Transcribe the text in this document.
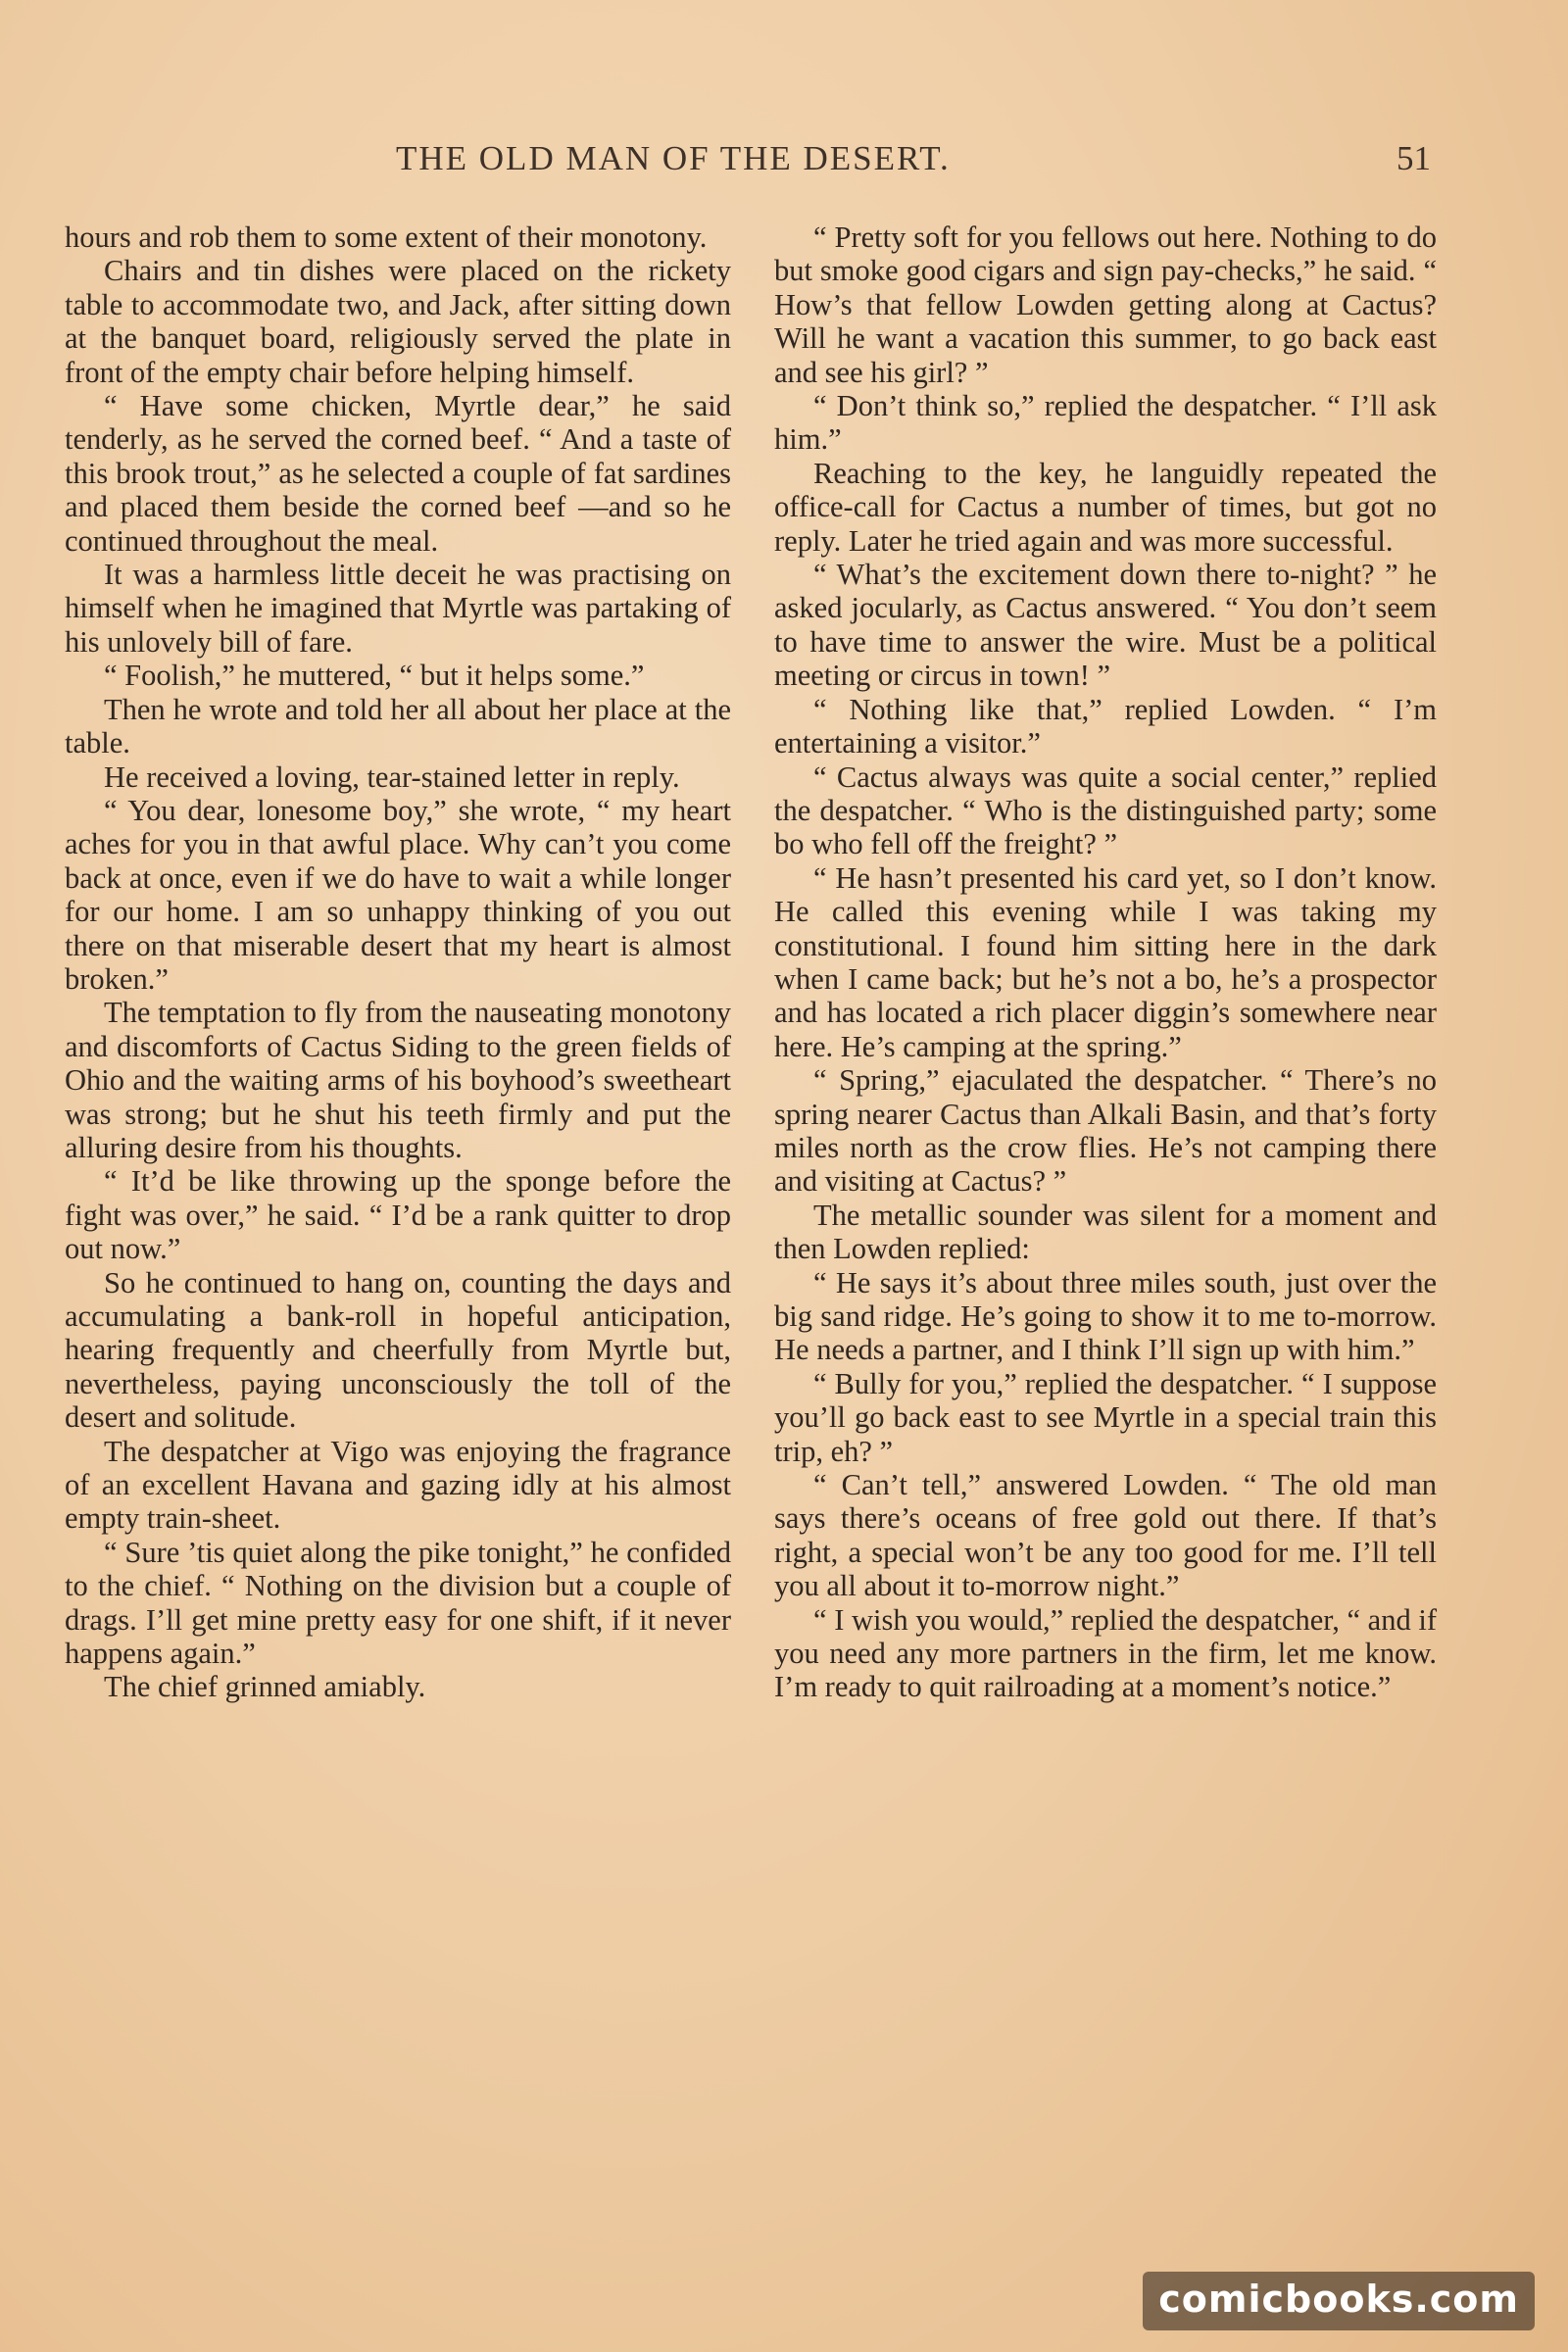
THE OLD MAN OF THE DESERT.	51

hours and rob them to some extent of their monotony.

Chairs and tin dishes were placed on the rickety table to accommodate two, and Jack, after sitting down at the banquet board, religiously served the plate in front of the empty chair before helping himself.

“ Have some chicken, Myrtle dear,” he said tenderly, as he served the corned beef. “ And a taste of this brook trout,” as he selected a couple of fat sardines and placed them beside the corned beef —and so he continued throughout the meal.

It was a harmless little deceit he was practising on himself when he imagined that Myrtle was partaking of his unlovely bill of fare.

“ Foolish,” he muttered, “ but it helps some.”

Then he wrote and told her all about her place at the table.

He received a loving, tear-stained letter in reply.

“ You dear, lonesome boy,” she wrote, “ my heart aches for you in that awful place. Why can’t you come back at once, even if we do have to wait a while longer for our home. I am so unhappy thinking of you out there on that miserable desert that my heart is almost broken.”

The temptation to fly from the nauseating monotony and discomforts of Cactus Siding to the green fields of Ohio and the waiting arms of his boyhood’s sweetheart was strong; but he shut his teeth firmly and put the alluring desire from his thoughts.

“ It’d be like throwing up the sponge before the fight was over,” he said. “ I’d be a rank quitter to drop out now.”

So he continued to hang on, counting the days and accumulating a bank-roll in hopeful anticipation, hearing frequently and cheerfully from Myrtle but, nevertheless, paying unconsciously the toll of the desert and solitude.

The despatcher at Vigo was enjoying the fragrance of an excellent Havana and gazing idly at his almost empty train-sheet.

“ Sure ’tis quiet along the pike tonight,” he confided to the chief. “ Nothing on the division but a couple of drags. I’ll get mine pretty easy for one shift, if it never happens again.”

The chief grinned amiably.

“ Pretty soft for you fellows out here. Nothing to do but smoke good cigars and sign pay-checks,” he said. “ How’s that fellow Lowden getting along at Cactus? Will he want a vacation this summer, to go back east and see his girl? ”

“ Don’t think so,” replied the despatcher. “ I’ll ask him.”

Reaching to the key, he languidly repeated the office-call for Cactus a number of times, but got no reply. Later he tried again and was more successful.

“ What’s the excitement down there to-night? ” he asked jocularly, as Cactus answered. “ You don’t seem to have time to answer the wire. Must be a political meeting or circus in town! ”

“ Nothing like that,” replied Lowden. “ I’m entertaining a visitor.”

“ Cactus always was quite a social center,” replied the despatcher. “ Who is the distinguished party; some bo who fell off the freight? ”

“ He hasn’t presented his card yet, so I don’t know. He called this evening while I was taking my constitutional. I found him sitting here in the dark when I came back; but he’s not a bo, he’s a prospector and has located a rich placer diggin’s somewhere near here. He’s camping at the spring.”

“ Spring,” ejaculated the despatcher. “ There’s no spring nearer Cactus than Alkali Basin, and that’s forty miles north as the crow flies. He’s not camping there and visiting at Cactus? ”

The metallic sounder was silent for a moment and then Lowden replied:

“ He says it’s about three miles south, just over the big sand ridge. He’s going to show it to me to-morrow. He needs a partner, and I think I’ll sign up with him.”

“ Bully for you,” replied the despatcher. “ I suppose you’ll go back east to see Myrtle in a special train this trip, eh? ”

“ Can’t tell,” answered Lowden. “ The old man says there’s oceans of free gold out there. If that’s right, a special won’t be any too good for me. I’ll tell you all about it to-morrow night.”

“ I wish you would,” replied the despatcher, “ and if you need any more partners in the firm, let me know. I’m ready to quit railroading at a moment’s notice.”

comicbooks.com
